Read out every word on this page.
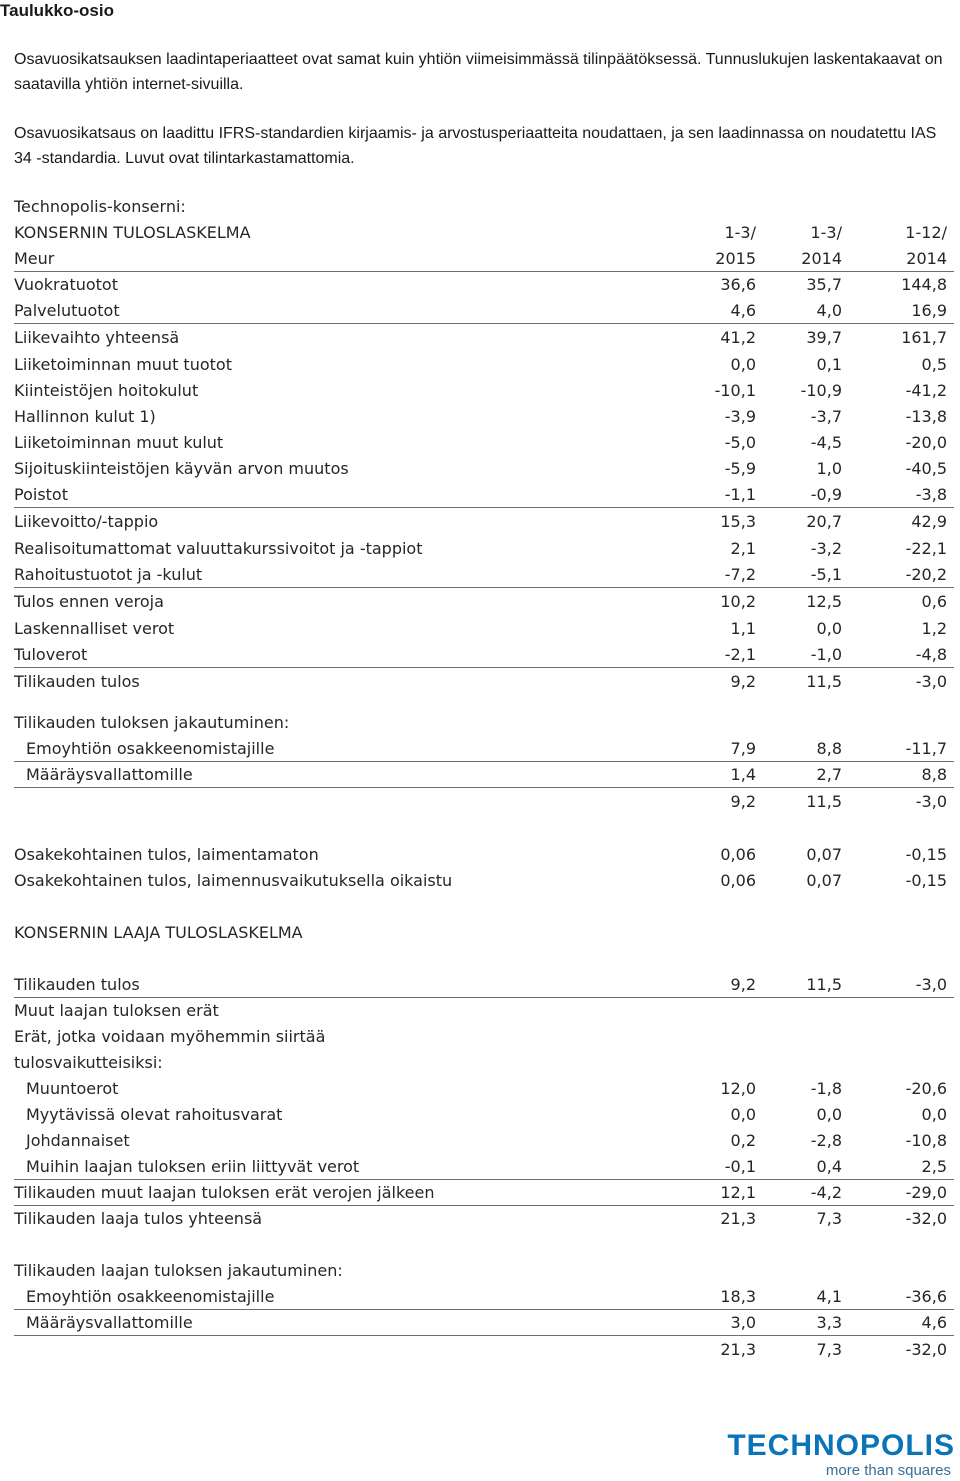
Taulukko-osio
Osavuosikatsauksen laadintaperiaatteet ovat samat kuin yhtiön viimeisimmässä tilinpäätöksessä. Tunnuslukujen laskentakaavat on saatavilla yhtiön internet-sivuilla.
Osavuosikatsaus on laadittu IFRS-standardien kirjaamis- ja arvostusperiaatteita noudattaen, ja sen laadinnassa on noudatettu IAS 34 -standardia. Luvut ovat tilintarkastamattomia.
Technopolis-konserni:
KONSERNIN TULOSLASKELMA	1-3/	1-3/	1-12/
Meur	2015	2014	2014
Vuokratuotot	36,6	35,7	144,8
Palvelutuotot	4,6	4,0	16,9
Liikevaihto yhteensä	41,2	39,7	161,7
Liiketoiminnan muut tuotot	0,0	0,1	0,5
Kiinteistöjen hoitokulut	-10,1	-10,9	-41,2
Hallinnon kulut 1)	-3,9	-3,7	-13,8
Liiketoiminnan muut kulut	-5,0	-4,5	-20,0
Sijoituskiinteistöjen käyvän arvon muutos	-5,9	1,0	-40,5
Poistot	-1,1	-0,9	-3,8
Liikevoitto/-tappio	15,3	20,7	42,9
Realisoitumattomat valuuttakurssivoitot ja -tappiot	2,1	-3,2	-22,1
Rahoitustuotot ja -kulut	-7,2	-5,1	-20,2
Tulos ennen veroja	10,2	12,5	0,6
Laskennalliset verot	1,1	0,0	1,2
Tuloverot	-2,1	-1,0	-4,8
Tilikauden tulos	9,2	11,5	-3,0
Tilikauden tuloksen jakautuminen:
Emoyhtiön osakkeenomistajille	7,9	8,8	-11,7
Määräysvallattomille	1,4	2,7	8,8
9,2	11,5	-3,0
Osakekohtainen tulos, laimentamaton	0,06	0,07	-0,15
Osakekohtainen tulos, laimennusvaikutuksella oikaistu	0,06	0,07	-0,15
KONSERNIN LAAJA TULOSLASKELMA
Tilikauden tulos	9,2	11,5	-3,0
Muut laajan tuloksen erät
Erät, jotka voidaan myöhemmin siirtää
tulosvaikutteisiksi:
Muuntoerot	12,0	-1,8	-20,6
Myytävissä olevat rahoitusvarat	0,0	0,0	0,0
Johdannaiset	0,2	-2,8	-10,8
Muihin laajan tuloksen eriin liittyvät verot	-0,1	0,4	2,5
Tilikauden muut laajan tuloksen erät verojen jälkeen	12,1	-4,2	-29,0
Tilikauden laaja tulos yhteensä	21,3	7,3	-32,0
Tilikauden laajan tuloksen jakautuminen:
Emoyhtiön osakkeenomistajille	18,3	4,1	-36,6
Määräysvallattomille	3,0	3,3	4,6
21,3	7,3	-32,0
TECHNOPOLIS
more than squares
